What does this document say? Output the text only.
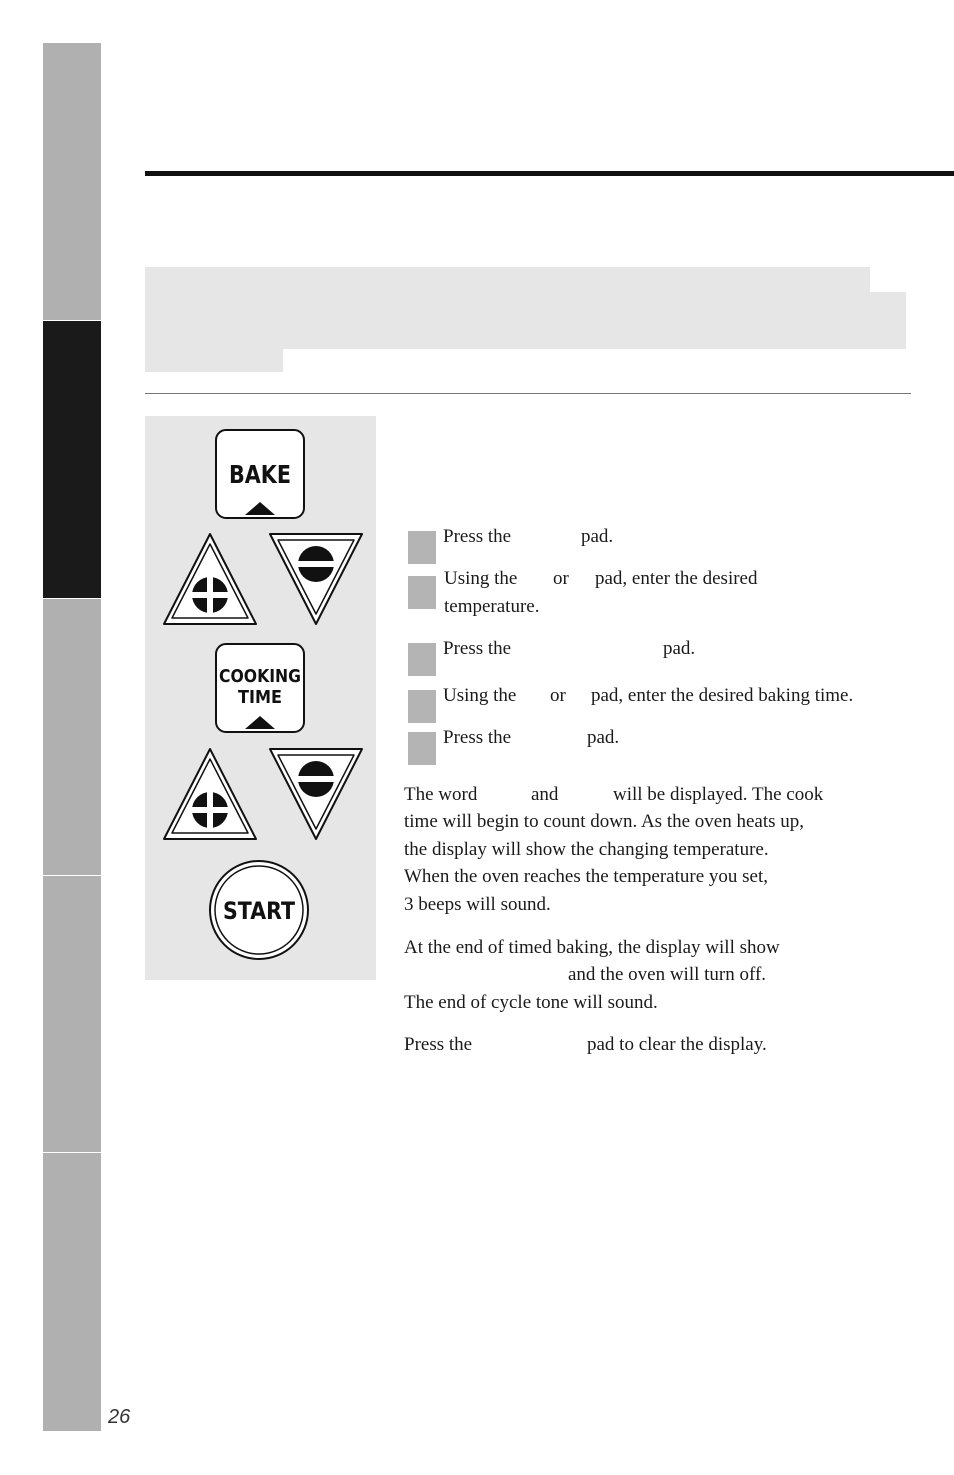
BAKE
COOKING
TIME
START
Press the	pad.
Using the or pad, enter the desired
temperature.
Press the	pad.
Using the or pad, enter the desired baking time.
Press the	pad.
The word	and	will be displayed. The cook
time will begin to count down. As the oven heats up,
the display will show the changing temperature.
When the oven reaches the temperature you set,
3 beeps will sound.
At the end of timed baking, the display will show
and the oven will turn off.
The end of cycle tone will sound.
Press the	pad to clear the display.
26
